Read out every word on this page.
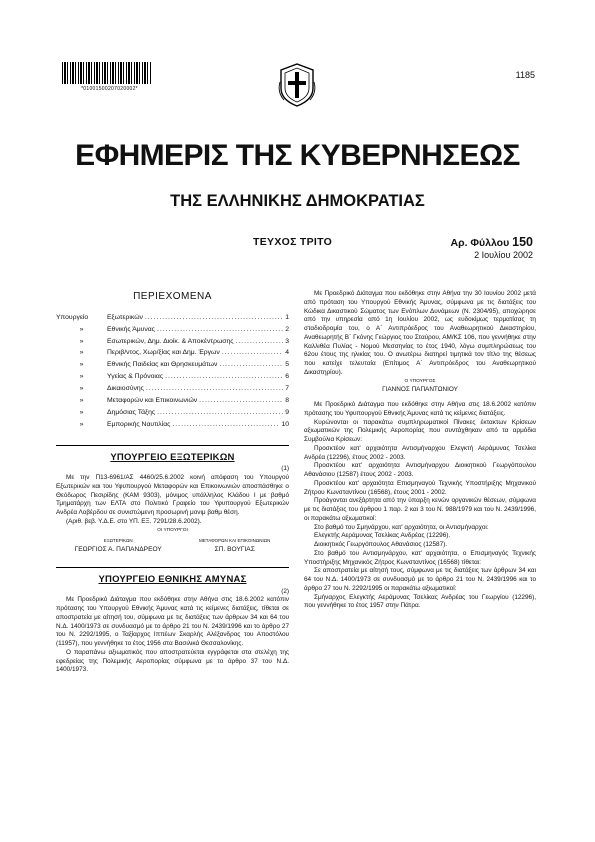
*01001500207020002*
1185
ΕΦΗΜΕΡΙΣ ΤΗΣ ΚΥΒΕΡΝΗΣΕΩΣ
ΤΗΣ ΕΛΛΗΝΙΚΗΣ ΔΗΜΟΚΡΑΤΙΑΣ
ΤΕΥΧΟΣ ΤΡΙΤΟ	Αρ. Φύλλου 150
2 Ιουλίου 2002
ΠΕΡΙΕΧΟΜΕΝΑ
Υπουργείο	Εξωτερικών .....	1
»	Εθνικής Άμυνας .....	2
»	Εσωτερικών, Δημ. Διοίκ. & Αποκέντρωσης .....	3
»	Περιβ/ντος, Χωρ/ξίας και Δημ. Έργων .....	4
»	Εθνικής Παιδείας και Θρησκευμάτων .....	5
»	Υγείας & Πρόνοιας .....	6
»	Δικαιοσύνης .....	7
»	Μεταφορών και Επικοινωνιών .....	8
»	Δημόσιας Τάξης .....	9
»	Εμπορικής Ναυτιλίας .....	10
ΥΠΟΥΡΓΕΙΟ ΕΞΩΤΕΡΙΚΩΝ
(1)

Με την Π13-6961/ΑΣ 4460/25.6.2002 κοινή απόφαση του Υπουργού Εξωτερικών και του Υφυπουργού Μεταφορών και Επικοινωνιών αποσπάσθηκε ο Θεόδωρος Πεσιρίδης (ΚΑΜ 9303), μόνιμος υπάλληλος Κλάδου Ι με βαθμό Τμηματάρχη των ΕΛΤΑ στο Πολιτικό Γραφείο του Υφυπουργού Εξωτερικών Ανδρέα Λοβέρδου σε συνιστώμενη προσωρινή μονιμ βαθμ θέση.

(Αριθ. βεβ. Υ.Δ.Ε. στο ΥΠ. ΕΞ. 7291/28.6.2002).

ΟΙ ΥΠΟΥΡΓΟΙ
ΕΞΩΤΕΡΙΚΩΝ
ΓΕΩΡΓΙΟΣ Α. ΠΑΠΑΝΔΡΕΟΥ
ΜΕΤΑΦΟΡΩΝ ΚΑΙ ΕΠΙΚΟΙΝΩΝΙΩΝ
ΣΠ. ΒΟΥΓΙΑΣ
ΥΠΟΥΡΓΕΙΟ ΕΘΝΙΚΗΣ ΑΜΥΝΑΣ
(2)

Με Προεδρικό Διάταγμα που εκδόθηκε στην Αθήνα στις 18.6.2002 κατόπιν πρότασης του Υπουργού Εθνικής Άμυνας κατά τις κείμενες διατάξεις, τίθεται σε αποστρατεία με αίτησή του, σύμφωνα με τις διατάξεις των άρθρων 34 και 64 του Ν.Δ. 1400/1973 σε συνδυασμό με το άρθρο 21 του Ν. 2439/1996 και το άρθρο 27 του Ν. 2292/1995, ο Ταξίαρχος Ιππέων Σκαρλής Αλέξανδρος του Αποστόλου (11957), που γεννήθηκε το έτος 1956 στα Βασιλικά Θεσσαλονίκης.

Ο παραπάνω αξιωματικός που αποστρατεύεται εγγράφεται στα στελέχη της εφεδρείας της Πολεμικής Αεροπορίας σύμφωνα με το άρθρο 37 του Ν.Δ. 1400/1973.

Με Προεδρικό Διάταγμα που εκδόθηκε στην Αθήνα την 30 Ιουνίου 2002 μετά από πρόταση του Υπουργού Εθνικής Άμυνας, σύμφωνα με τις διατάξεις του Κώδικα Δικαστικού Σώματος των Ενόπλων Δυνάμεων (Ν. 2304/95), αποχώρησε από την υπηρεσία από 1η Ιουλίου 2002, ως ευδοκίμως τερματίσας τη σταδιοδρομία του, ο Α΄ Αντιπρόεδρος του Αναθεωρητικού Δικαστηρίου, Αναθεωρητής Β΄ Γκόνης Γεώργιος του Σταύρου, ΑΜ/ΚΣ 106, που γεννήθηκε στην Καλλιθέα Πυλίας - Νομού Μεσσηνίας το έτος 1940, λόγω συμπληρώσεως του 62ου έτους της ηλικίας του. Ο ανωτέρω διατηρεί τιμητικά τον τίτλο της θέσεως που κατείχε τελευταία (Επίτιμος Α΄ Αντιπρόεδρος του Αναθεωρητικού Δικαστηρίου).

Ο ΥΠΟΥΡΓΟΣ
ΓΙΑΝΝΟΣ ΠΑΠΑΝΤΩΝΙΟΥ

Με Προεδρικό Διάταγμα που εκδόθηκε στην Αθήνα στις 18.6.2002 κατόπιν πρότασης του Υφυπουργού Εθνικής Άμυνας κατά τις κείμενες διατάξεις.

Κυρώνονται οι παρακάτω συμπληρωματικοί Πίνακες έκτακτων Κρίσεων αξιωματικών της Πολεμικής Αεροπορίας που συντάχθηκαν από τα αρμόδια Συμβούλια Κρίσεων:

Προσκτέον κατ' αρχαιότητα Αντισμήναρχου Ελεγκτή Αεράμυνας Τσελίκα Ανδρέα (12296), έτους 2002 - 2003.

Προσκτέου κατ' αρχαιότητα Αντισμήναρχου Διοικητικού Γεωργόπουλου Αθανάσιου (12587) έτους 2002 - 2003.

Προσκτέου κατ' αρχαιότητα Επισμηναγού Τεχνικής Υποστήριξης Μηχανικού Ζήτρου Κωνσταντίνου (16568), έτους 2001 - 2002.

Προάγονται ανεξάρτητα από την ύπαρξη κενών οργανικών θέσεων, σύμφωνα με τις διατάξεις του άρθρου 1 παρ. 2 και 3 του Ν. 988/1979 και του Ν. 2439/1996, οι παρακάτω αξιωματικοί:

Στο βαθμό του Σμηνάρχου, κατ' αρχαιότητα, οι Αντισμήναρχοι:

Ελεγκτής Αεράμυνας Τσελίκας Ανδρέας (12296).

Διοικητικός Γεωργόπουλος Αθανάσιος (12587).

Στο βαθμό του Αντισμηνάρχου, κατ' αρχαιότητα, ο Επισμηναγός Τεχνικής Υποστήριξης Μηχανικός Ζήτρος Κωνσταντίνος (16568) τίθεται:

Σε αποστρατεία με αίτησή τους, σύμφωνα με τις διατάξεις των άρθρων 34 και 64 του Ν.Δ. 1400/1973 σε συνδυασμό με το άρθρο 21 του Ν. 2439/1996 και το άρθρο 27 του Ν. 2292/1995 οι παρακάτω αξιωματικοί:

Σμήναρχος Ελεγκτής Αεράμυνας Τσελίκας Ανδρέας του Γεωργίου (12296), που γεννήθηκε το έτος 1957 στην Πάτρα.
